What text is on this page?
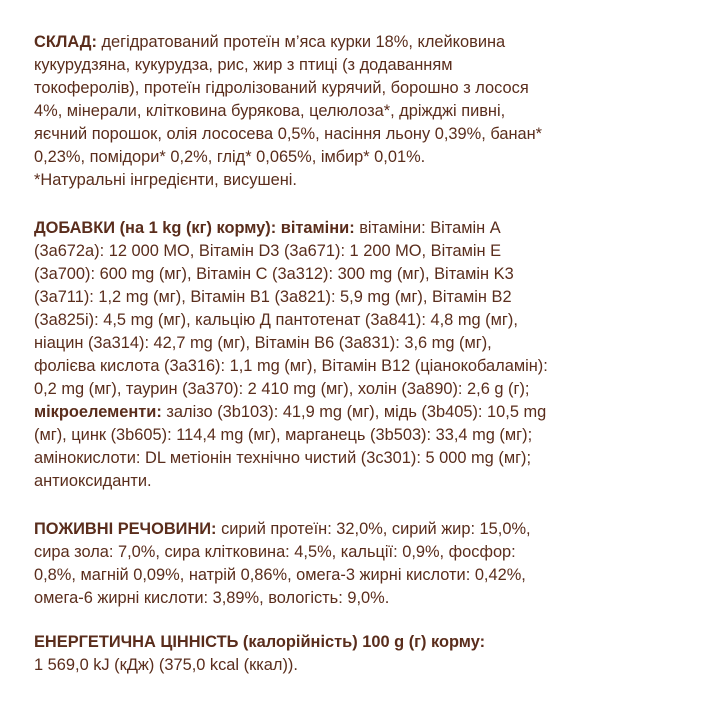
СКЛАД: дегідратований протеїн м’яса курки 18%, клейковина
кукурудзяна, кукурудза, рис, жир з птиці (з додаванням
токоферолів), протеїн гідролізований курячий, борошно з лосося
4%, мінерали, клітковина бурякова, целюлоза*, дріжджі пивні,
яєчний порошок, олія лососева 0,5%, насіння льону 0,39%, банан*
0,23%, помідори* 0,2%, глід* 0,065%, імбир* 0,01%.
*Натуральні інгредієнти, висушені.
ДОБАВКИ (на 1 kg (кг) корму): вітаміни: вітаміни: Вітамін A
(3a672a): 12 000 МО, Вітамін D3 (3a671): 1 200 МО, Вітамін E
(3a700): 600 mg (мг), Вітамін C (3a312): 300 mg (мг), Вітамін K3
(3a711): 1,2 mg (мг), Вітамін B1 (3a821): 5,9 mg (мг), Вітамін B2
(3a825i): 4,5 mg (мг), кальцію Д пантотенат (3a841): 4,8 mg (мг),
ніацин (3a314): 42,7 mg (мг), Вітамін B6 (3a831): 3,6 mg (мг),
фолієва кислота (3a316): 1,1 mg (мг), Вітамін B12 (ціанокобаламін):
0,2 mg (мг), таурин (3a370): 2 410 mg (мг), холін (3a890): 2,6 g (г);
мікроелементи: залізо (3b103): 41,9 mg (мг), мідь (3b405): 10,5 mg
(мг), цинк (3b605): 114,4 mg (мг), марганець (3b503): 33,4 mg (мг);
амінокислоти: DL метіонін технічно чистий (3c301): 5 000 mg (мг);
антиоксиданти.
ПОЖИВНІ РЕЧОВИНИ: сирий протеїн: 32,0%, сирий жир: 15,0%,
сира зола: 7,0%, сира клітковина: 4,5%, кальції: 0,9%, фосфор:
0,8%, магній 0,09%, натрій 0,86%, омега-3 жирні кислоти: 0,42%,
омега-6 жирні кислоти: 3,89%, вологість: 9,0%.
ЕНЕРГЕТИЧНА ЦІННІСТЬ (калорійність) 100 g (г) корму:
1 569,0 kJ (кДж) (375,0 kcal (ккал)).
